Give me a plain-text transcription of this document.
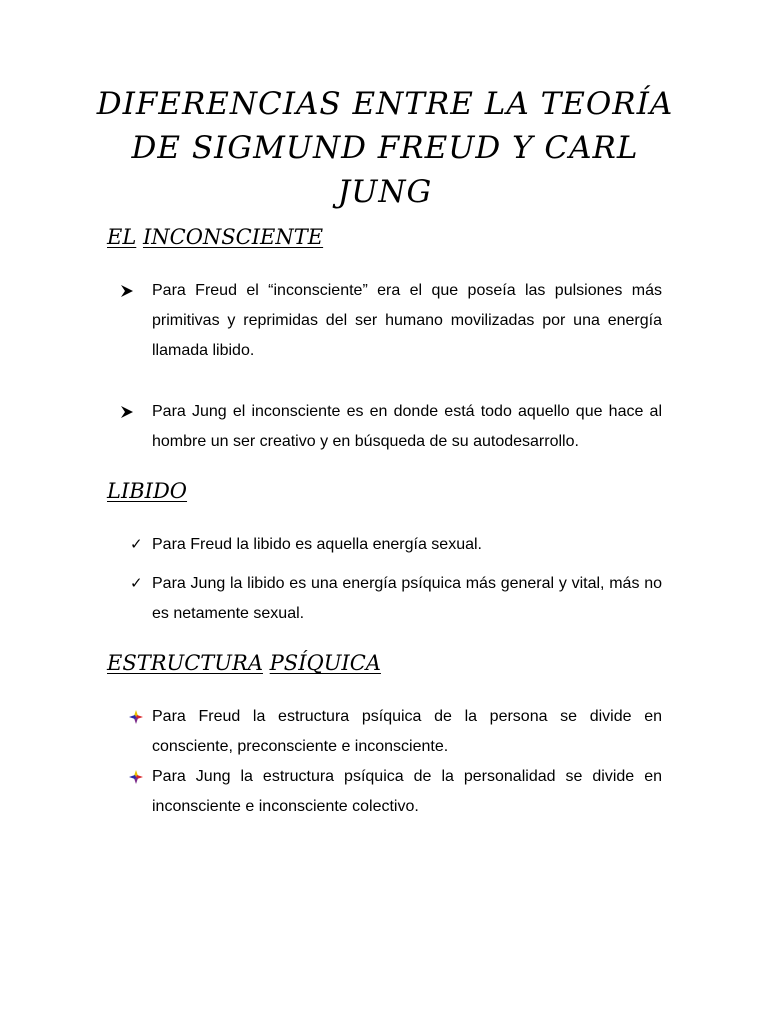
DIFERENCIAS ENTRE LA TEORÍA DE SIGMUND FREUD Y CARL JUNG
EL INCONSCIENTE

Para Freud el “inconsciente” era el que poseía las pulsiones más primitivas y reprimidas del ser humano movilizadas por una energía llamada libido.

Para Jung el inconsciente es en donde está todo aquello que hace al hombre un ser creativo y en búsqueda de su autodesarrollo.

LIBIDO

✓ Para Freud la libido es aquella energía sexual.

✓ Para Jung la libido es una energía psíquica más general y vital, más no es netamente sexual.

ESTRUCTURA PSÍQUICA

Para Freud la estructura psíquica de la persona se divide en consciente, preconsciente e inconsciente.

Para Jung la estructura psíquica de la personalidad se divide en inconsciente e inconsciente colectivo.
